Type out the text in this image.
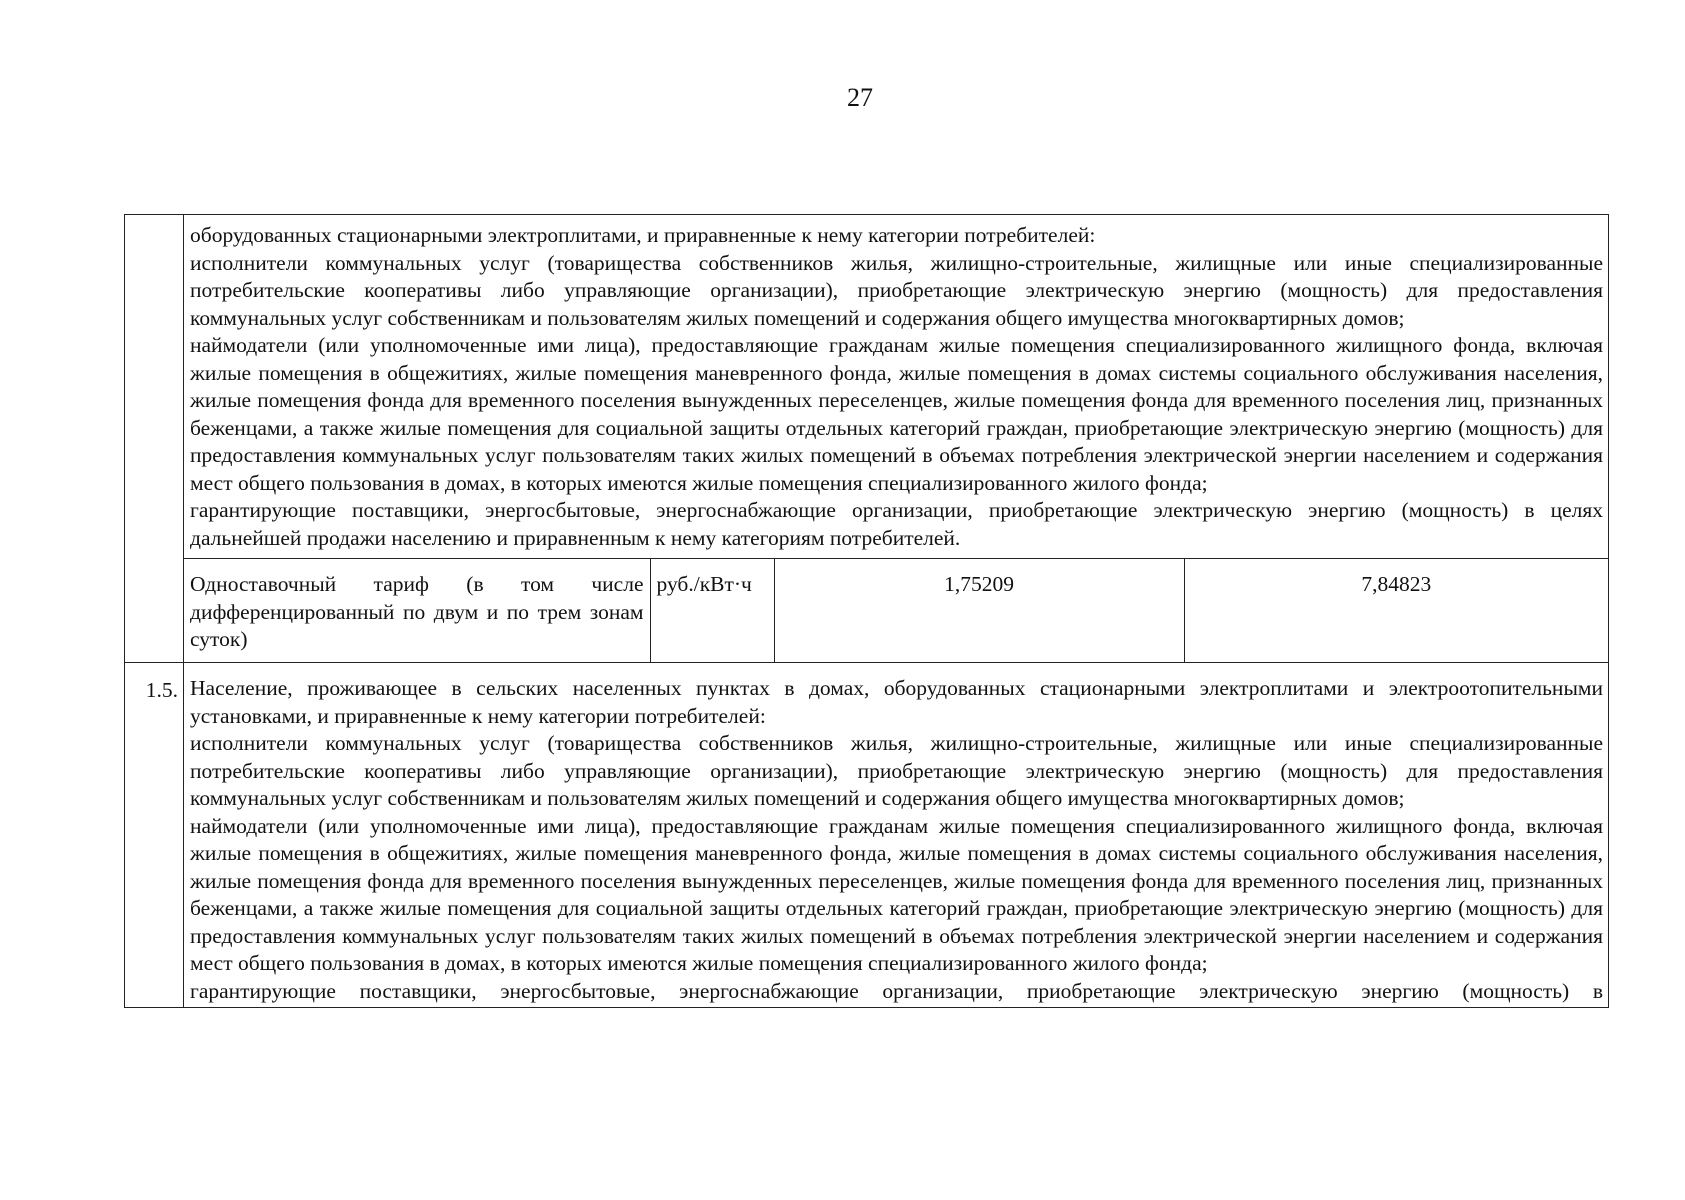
27

оборудованных стационарными электроплитами, и приравненные к нему категории потребителей:

исполнители коммунальных услуг (товарищества собственников жилья, жилищно-строительные, жилищные или иные специализированные потребительские кооперативы либо управляющие организации), приобретающие электрическую энергию (мощность) для предоставления коммунальных услуг собственникам и пользователям жилых помещений и содержания общего имущества многоквартирных домов;

наймодатели (или уполномоченные ими лица), предоставляющие гражданам жилые помещения специализированного жилищного фонда, включая жилые помещения в общежитиях, жилые помещения маневренного фонда, жилые помещения в домах системы социального обслуживания населения, жилые помещения фонда для временного поселения вынужденных переселенцев, жилые помещения фонда для временного поселения лиц, признанных беженцами, а также жилые помещения для социальной защиты отдельных категорий граждан, приобретающие электрическую энергию (мощность) для предоставления коммунальных услуг пользователям таких жилых помещений в объемах потребления электрической энергии населением и содержания мест общего пользования в домах, в которых имеются жилые помещения специализированного жилого фонда;

гарантирующие поставщики, энергосбытовые, энергоснабжающие организации, приобретающие электрическую энергию (мощность) в целях дальнейшей продажи населению и приравненным к нему категориям потребителей.

Одноставочный тариф (в том числе дифференцированный по двум и по трем зонам суток)	руб./кВт·ч	1,75209	7,84823

1.5.	Население, проживающее в сельских населенных пунктах в домах, оборудованных стационарными электроплитами и электроотопительными установками, и приравненные к нему категории потребителей:

исполнители коммунальных услуг (товарищества собственников жилья, жилищно-строительные, жилищные или иные специализированные потребительские кооперативы либо управляющие организации), приобретающие электрическую энергию (мощность) для предоставления коммунальных услуг собственникам и пользователям жилых помещений и содержания общего имущества многоквартирных домов;

наймодатели (или уполномоченные ими лица), предоставляющие гражданам жилые помещения специализированного жилищного фонда, включая жилые помещения в общежитиях, жилые помещения маневренного фонда, жилые помещения в домах системы социального обслуживания населения, жилые помещения фонда для временного поселения вынужденных переселенцев, жилые помещения фонда для временного поселения лиц, признанных беженцами, а также жилые помещения для социальной защиты отдельных категорий граждан, приобретающие электрическую энергию (мощность) для предоставления коммунальных услуг пользователям таких жилых помещений в объемах потребления электрической энергии населением и содержания мест общего пользования в домах, в которых имеются жилые помещения специализированного жилого фонда;

гарантирующие поставщики, энергосбытовые, энергоснабжающие организации, приобретающие электрическую энергию (мощность) в
